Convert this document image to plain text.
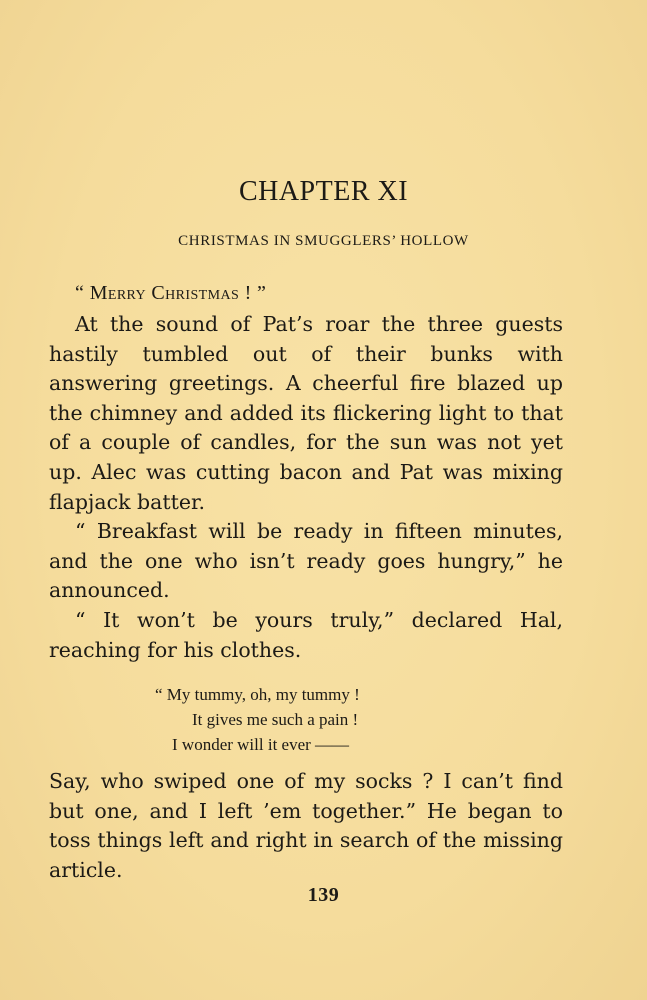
CHAPTER XI
CHRISTMAS IN SMUGGLERS’ HOLLOW
“ Merry Christmas ! ”

At the sound of Pat’s roar the three guests hastily tumbled out of their bunks with answering greetings. A cheerful fire blazed up the chimney and added its flickering light to that of a couple of candles, for the sun was not yet up. Alec was cutting bacon and Pat was mixing flapjack batter.

“ Breakfast will be ready in fifteen minutes, and the one who isn’t ready goes hungry,” he announced.

“ It won’t be yours truly,” declared Hal, reaching for his clothes.

“ My tummy, oh, my tummy !
It gives me such a pain !
I wonder will it ever ——

Say, who swiped one of my socks ? I can’t find but one, and I left ’em together.” He began to toss things left and right in search of the missing article.

139
